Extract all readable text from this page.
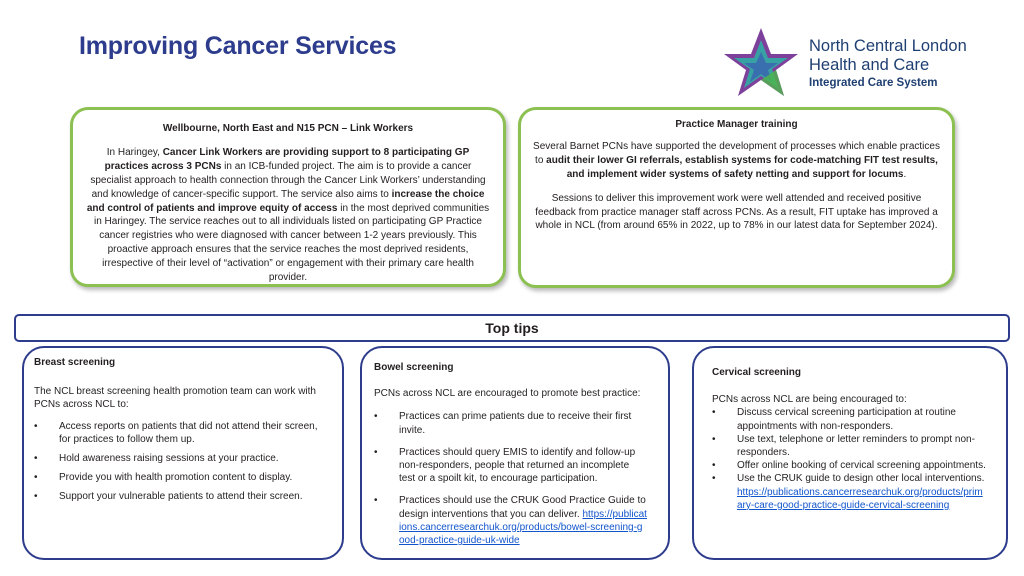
Improving Cancer Services	North Central London
Health and Care
Integrated Care System
Wellbourne, North East and N15 PCN – Link Workers

In Haringey, Cancer Link Workers are providing support to 8 participating GP practices across 3 PCNs in an ICB-funded project. The aim is to provide a cancer specialist approach to health connection through the Cancer Link Workers’ understanding and knowledge of cancer-specific support. The service also aims to increase the choice and control of patients and improve equity of access in the most deprived communities in Haringey. The service reaches out to all individuals listed on participating GP Practice cancer registries who were diagnosed with cancer between 1-2 years previously. This proactive approach ensures that the service reaches the most deprived residents, irrespective of their level of “activation” or engagement with their primary care health provider.

Practice Manager training

Several Barnet PCNs have supported the development of processes which enable practices to audit their lower GI referrals, establish systems for code-matching FIT test results, and implement wider systems of safety netting and support for locums.

Sessions to deliver this improvement work were well attended and received positive feedback from practice manager staff across PCNs. As a result, FIT uptake has improved a whole in NCL (from around 65% in 2022, up to 78% in our latest data for September 2024).

Top tips
Breast screening

The NCL breast screening health promotion team can work with PCNs across NCL to:

• Access reports on patients that did not attend their screen, for practices to follow them up.
• Hold awareness raising sessions at your practice.
• Provide you with health promotion content to display.
• Support your vulnerable patients to attend their screen.
Bowel screening

PCNs across NCL are encouraged to promote best practice:

• Practices can prime patients due to receive their first invite.
• Practices should query EMIS to identify and follow-up non-responders, people that returned an incomplete test or a spoilt kit, to encourage participation.
• Practices should use the CRUK Good Practice Guide to design interventions that you can deliver. https://publications.cancerresearchuk.org/products/bowel-screening-good-practice-guide-uk-wide
Cervical screening

PCNs across NCL are being encouraged to:

• Discuss cervical screening participation at routine appointments with non-responders.
• Use text, telephone or letter reminders to prompt non-responders.
• Offer online booking of cervical screening appointments.
• Use the CRUK guide to design other local interventions.
https://publications.cancerresearchuk.org/products/primary-care-good-practice-guide-cervical-screening
